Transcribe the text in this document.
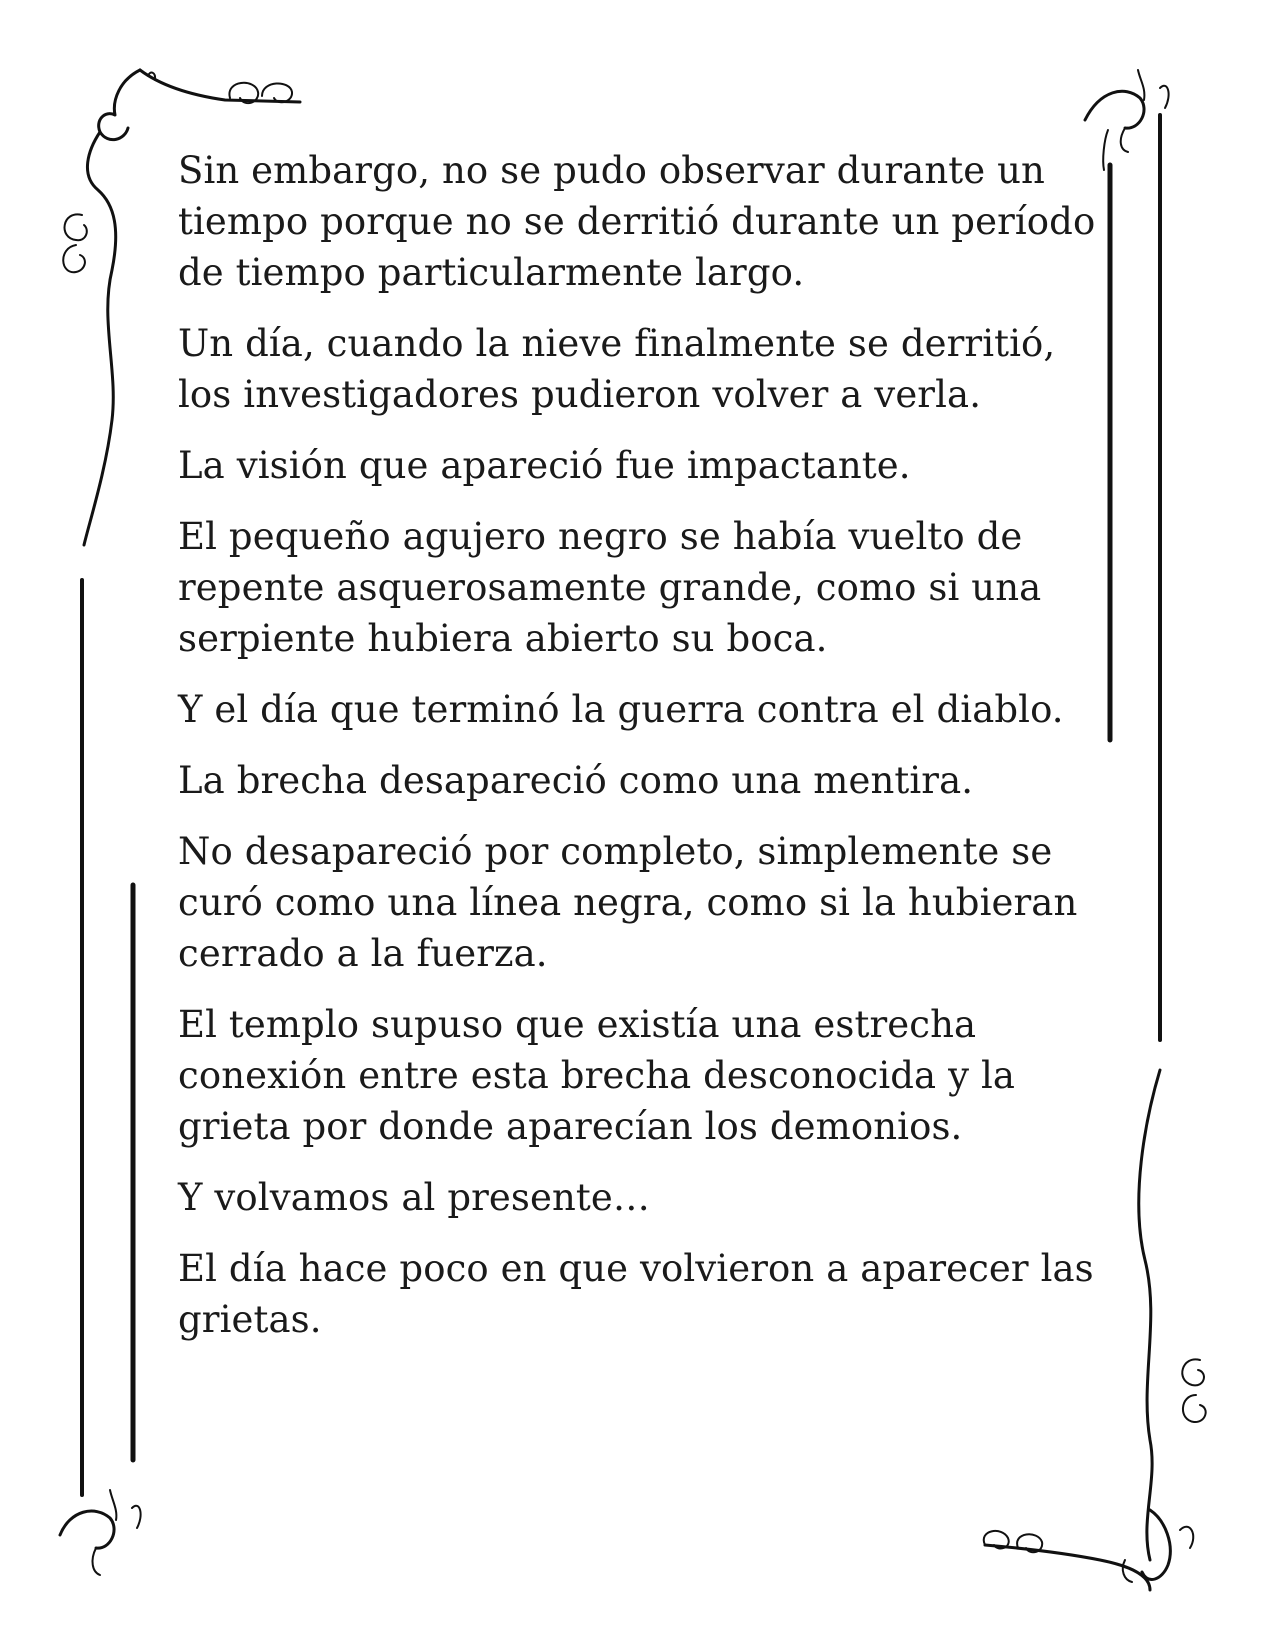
Sin embargo, no se pudo observar durante un tiempo porque no se derritió durante un período de tiempo particularmente largo.

Un día, cuando la nieve finalmente se derritió, los investigadores pudieron volver a verla.

La visión que apareció fue impactante.

El pequeño agujero negro se había vuelto de repente asquerosamente grande, como si una serpiente hubiera abierto su boca.

Y el día que terminó la guerra contra el diablo.

La brecha desapareció como una mentira.

No desapareció por completo, simplemente se curó como una línea negra, como si la hubieran cerrado a la fuerza.

El templo supuso que existía una estrecha conexión entre esta brecha desconocida y la grieta por donde aparecían los demonios.

Y volvamos al presente…

El día hace poco en que volvieron a aparecer las grietas.
